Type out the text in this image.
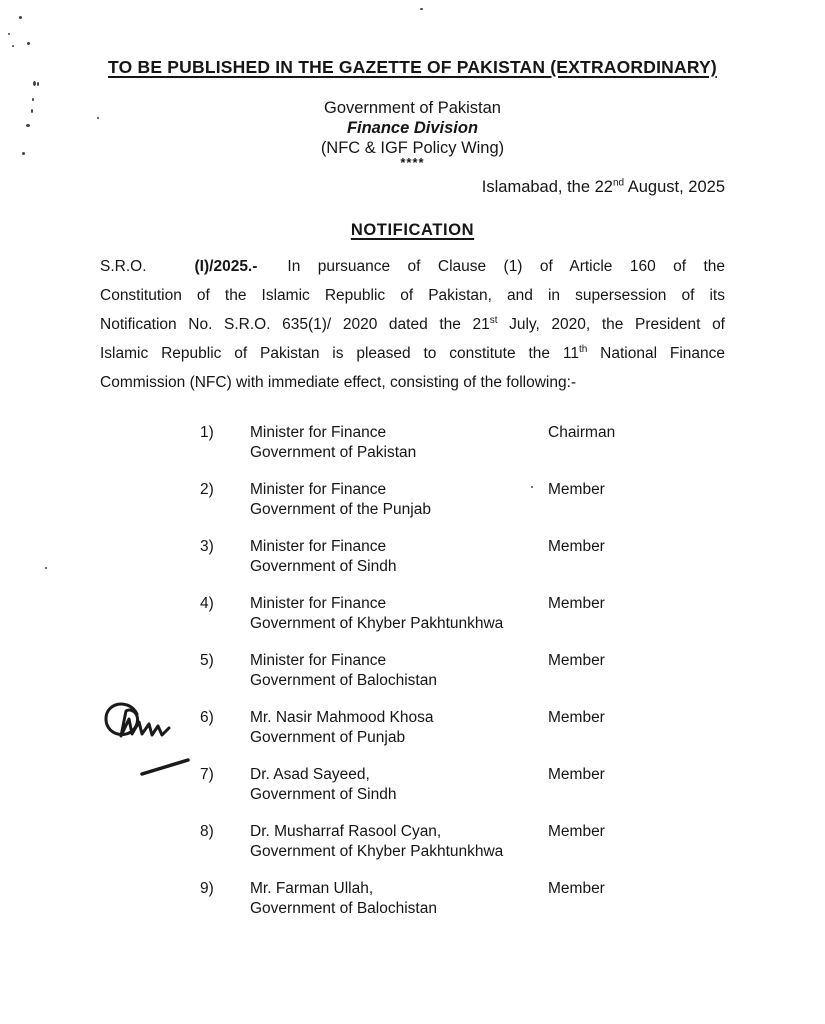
TO BE PUBLISHED IN THE GAZETTE OF PAKISTAN (EXTRAORDINARY)
Government of Pakistan
Finance Division
(NFC & IGF Policy Wing)
****
Islamabad, the 22nd August, 2025
NOTIFICATION
S.R.O.	(I)/2025.- In pursuance of Clause (1) of Article 160 of the
Constitution of the Islamic Republic of Pakistan, and in supersession of its
Notification No. S.R.O. 635(1)/ 2020 dated the 21st July, 2020, the President of
Islamic Republic of Pakistan is pleased to constitute the 11th National Finance
Commission (NFC) with immediate effect, consisting of the following:-
1)	Minister for Finance
Government of Pakistan
Chairman
2)	Minister for Finance
Government of the Punjab
Member
3)	Minister for Finance
Government of Sindh
Member
4)	Minister for Finance
Government of Khyber Pakhtunkhwa
Member
5)	Minister for Finance
Government of Balochistan
Member
6)	Mr. Nasir Mahmood Khosa
Government of Punjab
Member
7)	Dr. Asad Sayeed,
Government of Sindh
Member
8)	Dr. Musharraf Rasool Cyan,
Government of Khyber Pakhtunkhwa
Member
9)	Mr. Farman Ullah,
Government of Balochistan
Member
